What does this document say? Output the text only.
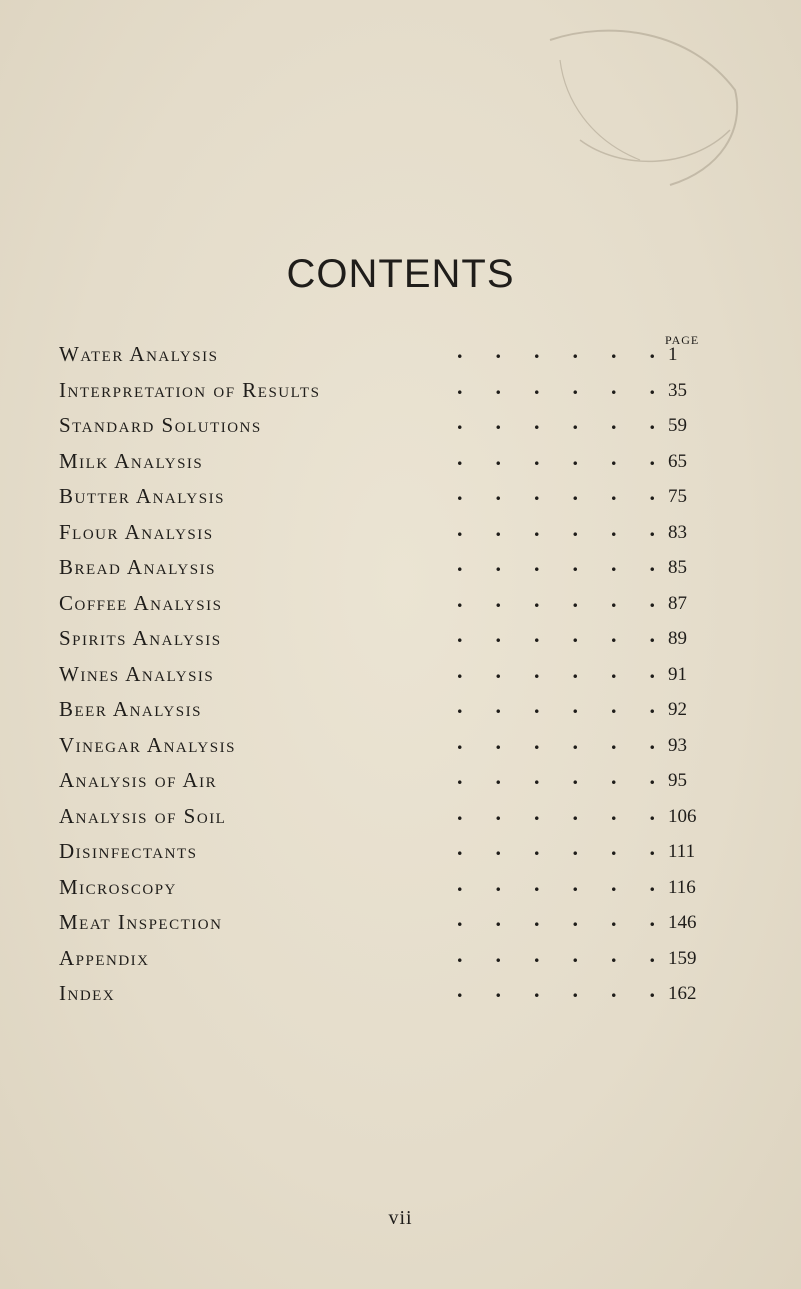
CONTENTS
PAGE
Water Analysis	.      .      .      .      .      . 1
Interpretation of Results	.      .      .      .      .      . 35
Standard Solutions	.      .      .      .      .      . 59
Milk Analysis	.      .      .      .      .      . 65
Butter Analysis	.      .      .      .      .      . 75
Flour Analysis	.      .      .      .      .      . 83
Bread Analysis	.      .      .      .      .      . 85
Coffee Analysis	.      .      .      .      .      . 87
Spirits Analysis	.      .      .      .      .      . 89
Wines Analysis	.      .      .      .      .      . 91
Beer Analysis	.      .      .      .      .      . 92
Vinegar Analysis	.      .      .      .      .      . 93
Analysis of Air	.      .      .      .      .      . 95
Analysis of Soil	.      .      .      .      .      . 106
Disinfectants	.      .      .      .      .      . 111
Microscopy	.      .      .      .      .      . 116
Meat Inspection	.      .      .      .      .      . 146
Appendix	.      .      .      .      .      . 159
Index	.      .      .      .      .      . 162
vii
